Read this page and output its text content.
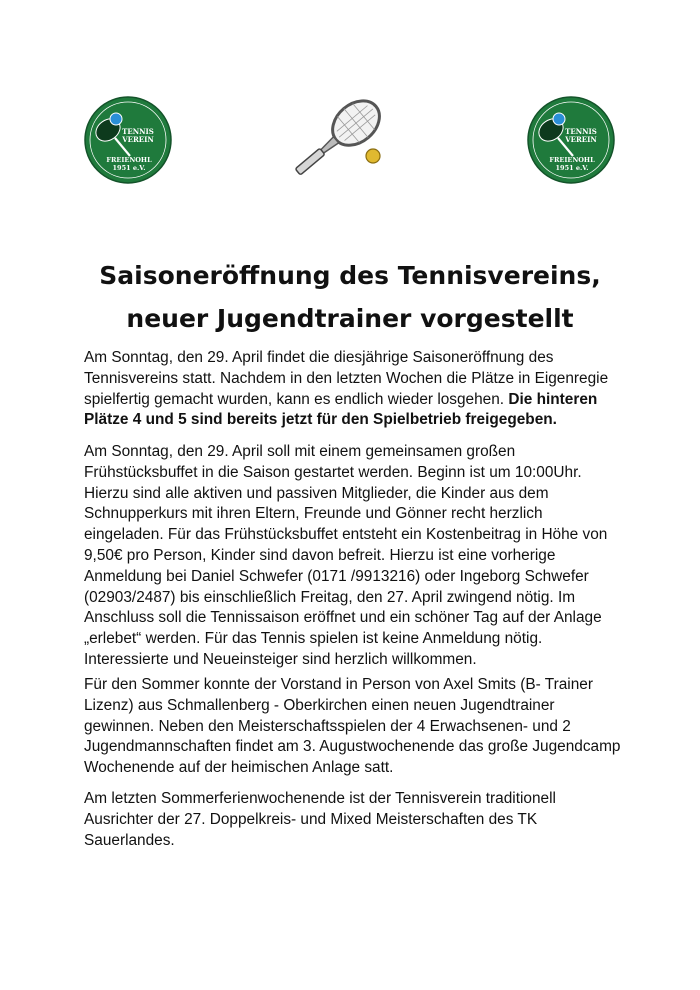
TENNIS
VEREIN
FREIENOHL
1951 e.V.
TENNIS
VEREIN
FREIENOHL
1951 e.V.
Saisoneröffnung des Tennisvereins, neuer Jugendtrainer vorgestellt

Am Sonntag, den 29. April findet die diesjährige Saisoneröffnung des Tennisvereins statt. Nachdem in den letzten Wochen die Plätze in Eigenregie spielfertig gemacht wurden, kann es endlich wieder losgehen. Die hinteren Plätze 4 und 5 sind bereits jetzt für den Spielbetrieb freigegeben.

Am Sonntag, den 29. April soll mit einem gemeinsamen großen Frühstücksbuffet in die Saison gestartet werden. Beginn ist um 10:00Uhr. Hierzu sind alle aktiven und passiven Mitglieder, die Kinder aus dem Schnupperkurs mit ihren Eltern, Freunde und Gönner recht herzlich eingeladen. Für das Frühstücksbuffet entsteht ein Kostenbeitrag in Höhe von 9,50€ pro Person, Kinder sind davon befreit. Hierzu ist eine vorherige Anmeldung bei Daniel Schwefer (0171 /9913216) oder Ingeborg Schwefer (02903/2487) bis einschließlich Freitag, den 27. April zwingend nötig. Im Anschluss soll die Tennissaison eröffnet und ein schöner Tag auf der Anlage „erlebet“ werden. Für das Tennis spielen ist keine Anmeldung nötig. Interessierte und Neueinsteiger sind herzlich willkommen.

Für den Sommer konnte der Vorstand in Person von Axel Smits (B- Trainer Lizenz) aus Schmallenberg - Oberkirchen einen neuen Jugendtrainer gewinnen. Neben den Meisterschaftsspielen der 4 Erwachsenen- und 2 Jugendmannschaften findet am 3. Augustwochenende das große Jugendcamp Wochenende auf der heimischen Anlage satt.

Am letzten Sommerferienwochenende ist der Tennisverein traditionell Ausrichter der 27. Doppelkreis- und Mixed Meisterschaften des TK Sauerlandes.
